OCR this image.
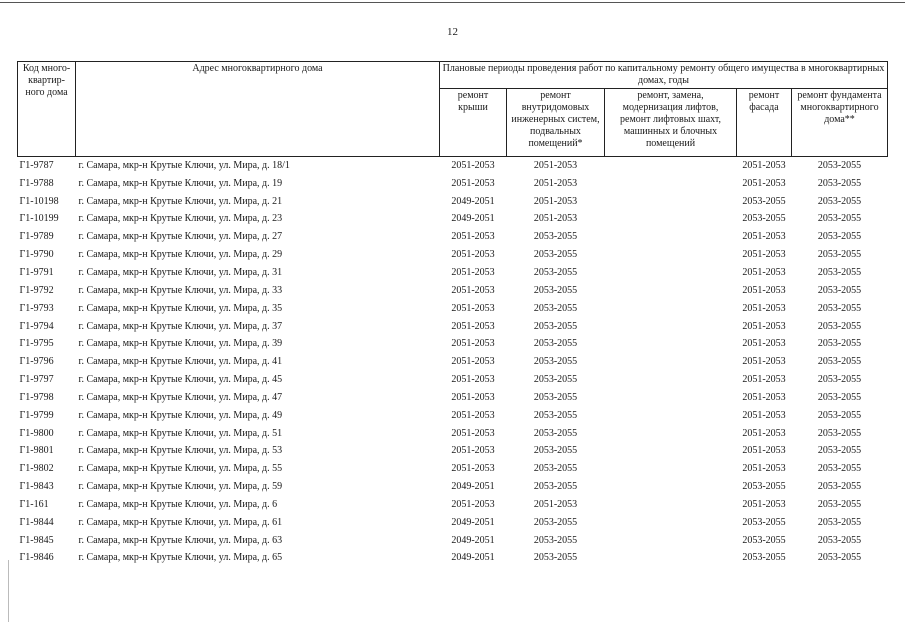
12
Код много-квартир-ного дома	Адрес многоквартирного дома	Плановые периоды проведения работ по капитальному ремонту общего имущества в многоквартирных домах, годы				
		ремонт крыши	ремонт внутридомовых инженерных систем, подвальных помещений*	ремонт, замена, модернизация лифтов, ремонт лифтовых шахт, машинных и блочных помещений	ремонт фасада	ремонт фундамента многоквартирного дома**
Г1-9787	г. Самара, мкр-н Крутые Ключи, ул. Мира, д. 18/1	2051-2053	2051-2053		2051-2053	2053-2055
Г1-9788	г. Самара, мкр-н Крутые Ключи, ул. Мира, д. 19	2051-2053	2051-2053		2051-2053	2053-2055
Г1-10198	г. Самара, мкр-н Крутые Ключи, ул. Мира, д. 21	2049-2051	2051-2053		2053-2055	2053-2055
Г1-10199	г. Самара, мкр-н Крутые Ключи, ул. Мира, д. 23	2049-2051	2051-2053		2053-2055	2053-2055
Г1-9789	г. Самара, мкр-н Крутые Ключи, ул. Мира, д. 27	2051-2053	2053-2055		2051-2053	2053-2055
Г1-9790	г. Самара, мкр-н Крутые Ключи, ул. Мира, д. 29	2051-2053	2053-2055		2051-2053	2053-2055
Г1-9791	г. Самара, мкр-н Крутые Ключи, ул. Мира, д. 31	2051-2053	2053-2055		2051-2053	2053-2055
Г1-9792	г. Самара, мкр-н Крутые Ключи, ул. Мира, д. 33	2051-2053	2053-2055		2051-2053	2053-2055
Г1-9793	г. Самара, мкр-н Крутые Ключи, ул. Мира, д. 35	2051-2053	2053-2055		2051-2053	2053-2055
Г1-9794	г. Самара, мкр-н Крутые Ключи, ул. Мира, д. 37	2051-2053	2053-2055		2051-2053	2053-2055
Г1-9795	г. Самара, мкр-н Крутые Ключи, ул. Мира, д. 39	2051-2053	2053-2055		2051-2053	2053-2055
Г1-9796	г. Самара, мкр-н Крутые Ключи, ул. Мира, д. 41	2051-2053	2053-2055		2051-2053	2053-2055
Г1-9797	г. Самара, мкр-н Крутые Ключи, ул. Мира, д. 45	2051-2053	2053-2055		2051-2053	2053-2055
Г1-9798	г. Самара, мкр-н Крутые Ключи, ул. Мира, д. 47	2051-2053	2053-2055		2051-2053	2053-2055
Г1-9799	г. Самара, мкр-н Крутые Ключи, ул. Мира, д. 49	2051-2053	2053-2055		2051-2053	2053-2055
Г1-9800	г. Самара, мкр-н Крутые Ключи, ул. Мира, д. 51	2051-2053	2053-2055		2051-2053	2053-2055
Г1-9801	г. Самара, мкр-н Крутые Ключи, ул. Мира, д. 53	2051-2053	2053-2055		2051-2053	2053-2055
Г1-9802	г. Самара, мкр-н Крутые Ключи, ул. Мира, д. 55	2051-2053	2053-2055		2051-2053	2053-2055
Г1-9843	г. Самара, мкр-н Крутые Ключи, ул. Мира, д. 59	2049-2051	2053-2055		2053-2055	2053-2055
Г1-161	г. Самара, мкр-н Крутые Ключи, ул. Мира, д. 6	2051-2053	2051-2053		2051-2053	2053-2055
Г1-9844	г. Самара, мкр-н Крутые Ключи, ул. Мира, д. 61	2049-2051	2053-2055		2053-2055	2053-2055
Г1-9845	г. Самара, мкр-н Крутые Ключи, ул. Мира, д. 63	2049-2051	2053-2055		2053-2055	2053-2055
Г1-9846	г. Самара, мкр-н Крутые Ключи, ул. Мира, д. 65	2049-2051	2053-2055		2053-2055	2053-2055
